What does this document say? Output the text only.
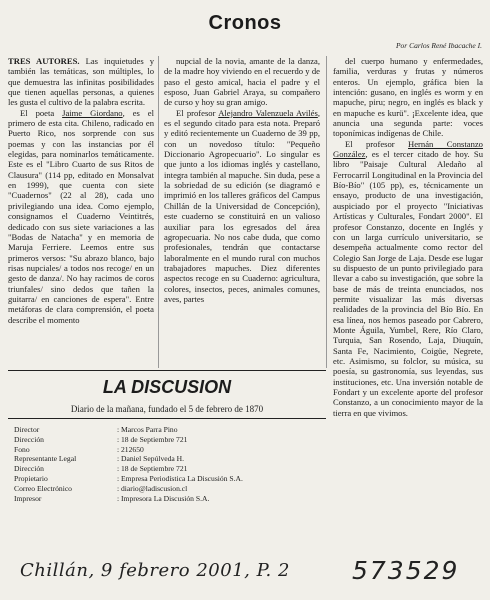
Cronos
Por Carlos René Ibacache I.

TRES AUTORES. Las inquietudes y también las temáticas, son múltiples, lo que demuestra las infinitas posibilidades que tienen aquellas personas, a quienes les gusta el cultivo de la palabra escrita.

El poeta Jaime Giordano, es el primero de esta cita. Chileno, radicado en Puerto Rico, nos sorprende con sus poemas y con las instancias por él elegidas, para nominarlos temáticamente. Este es el "Libro Cuarto de sus Ritos de Clausura" (114 pp, editado en Monsalvat en 1999), que cuenta con siete "Cuadernos" (22 al 28), cada uno privilegiando una idea. Como ejemplo, consignamos el Cuaderno Veintitrés, dedicado con sus siete variaciones a las "Bodas de Natacha" y en memoria de Maruja Ferriere. Leemos entre sus primeros versos: "Su abrazo blanco, bajo risas nupciales/ a todos nos recoge/ en un gesto de danza/. No hay racimos de coros triunfales/ sino dedos que tañen la guitarra/ en canciones de espera". Entre metáforas de clara comprensión, el poeta describe el momento

nupcial de la novia, amante de la danza, de la madre hoy viviendo en el recuerdo y de paso el gesto amical, hacia el padre y el esposo, Juan Gabriel Araya, su compañero de curso y hoy su gran amigo.

El profesor Alejandro Valenzuela Avilés, es el segundo citado para esta nota. Preparó y editó recientemente un Cuaderno de 39 pp, con un novedoso título: "Pequeño Diccionario Agropecuario". Lo singular es que junto a los idiomas inglés y castellano, integra también al mapuche. Sin duda, pese a la sobriedad de su edición (se diagramó e imprimió en los talleres gráficos del Campus Chillán de la Universidad de Concepción), este cuaderno se constituirá en un valioso auxiliar para los egresados del área agropecuaria. No nos cabe duda, que como profesionales, tendrán que contactarse laboralmente en el mundo rural con muchos trabajadores mapuches. Diez diferentes aspectos recoge en su Cuaderno: agricultura, colores, insectos, peces, animales comunes, aves, partes

del cuerpo humano y enfermedades, familia, verduras y frutas y números enteros. Un ejemplo, gráfica bien la intención: gusano, en inglés es worm y en mapuche, piru; negro, en inglés es black y en mapuche es kurü". ¡Excelente idea, que anuncia una segunda parte: voces toponímicas indígenas de Chile.

El profesor Hernán Constanzo González, es el tercer citado de hoy. Su libro "Paisaje Cultural Aledaño al Ferrocarril Longitudinal en la Provincia del Bío-Bío" (105 pp), es, técnicamente un ensayo, producto de una investigación, auspiciado por el proyecto "Iniciativas Artísticas y Culturales, Fondart 2000". El profesor Constanzo, docente en Inglés y con un larga currículo universitario, se desempeña actualmente como rector del Colegio San Jorge de Laja. Desde ese lugar su dispuesto de un punto privilegiado para llevar a cabo su investigación, que sobre la base de más de treinta enunciados, nos permite visualizar las más diversas realidades de la provincia del Bío Bío. En esa línea, nos hemos paseado por Cabrero, Monte Águila, Yumbel, Rere, Río Claro, Turquia, San Rosendo, Laja, Diuquín, Santa Fe, Nacimiento, Coigüe, Negrete, etc. Asimismo, su folclor, su música, su poesía, su gastronomía, sus leyendas, sus instituciones, etc. Una inversión notable de Fondart y un excelente aporte del profesor Constanzo, a un conocimiento mayor de la tierra en que vivimos.

LA DISCUSION
Diario de la mañana, fundado el 5 de febrero de 1870
Director	: Marcos Parra Pino
Dirección	: 18 de Septiembre 721
Fono	: 212650
Representante Legal	: Daniel Sepúlveda H.
Dirección	: 18 de Septiembre 721
Propietario	: Empresa Periodística La Discusión S.A.
Correo Electrónico	: diario@ladiscusion.cl
Impresor	: Impresora La Discusión S.A.
Chillán, 9 febrero 2001, P. 2 573529
